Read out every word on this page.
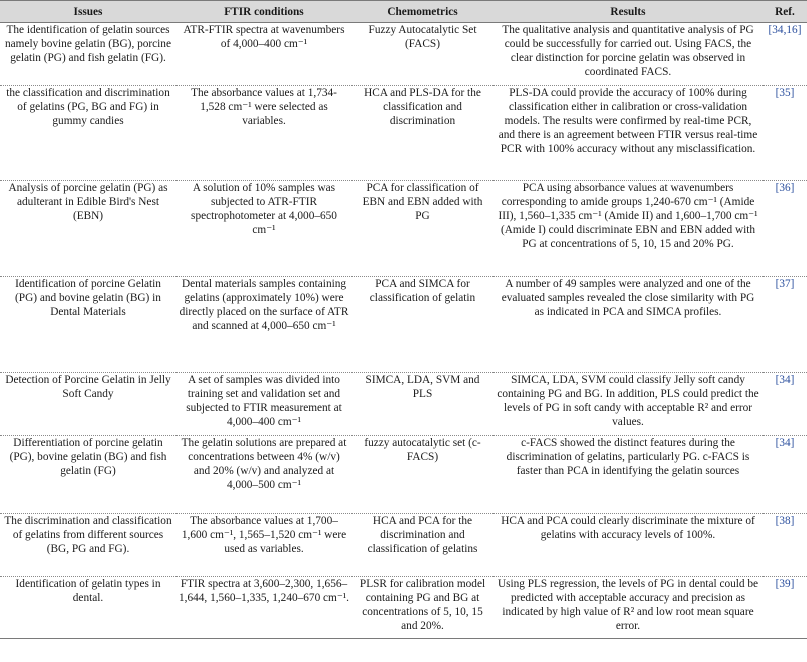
Issues	FTIR conditions	Chemometrics	Results	Ref.
The identification of gelatin sources namely bovine gelatin (BG), porcine gelatin (PG) and fish gelatin (FG).	ATR-FTIR spectra at wavenumbers of 4,000–400 cm⁻¹	Fuzzy Autocatalytic Set (FACS)	The qualitative analysis and quantitative analysis of PG could be successfully for carried out. Using FACS, the clear distinction for porcine gelatin was observed in coordinated FACS.	[34,16]
the classification and discrimination of gelatins (PG, BG and FG) in gummy candies	The absorbance values at 1,734-1,528 cm⁻¹ were selected as variables.	HCA and PLS-DA for the classification and discrimination	PLS-DA could provide the accuracy of 100% during classification either in calibration or cross-validation models. The results were confirmed by real-time PCR, and there is an agreement between FTIR versus real-time PCR with 100% accuracy without any misclassification.	[35]
Analysis of porcine gelatin (PG) as adulterant in Edible Bird's Nest (EBN)	A solution of 10% samples was subjected to ATR-FTIR spectrophotometer at 4,000–650 cm⁻¹	PCA for classification of EBN and EBN added with PG	PCA using absorbance values at wavenumbers corresponding to amide groups 1,240-670 cm⁻¹ (Amide III), 1,560–1,335 cm⁻¹ (Amide II) and 1,600–1,700 cm⁻¹ (Amide I) could discriminate EBN and EBN added with PG at concentrations of 5, 10, 15 and 20% PG.	[36]
Identification of porcine Gelatin (PG) and bovine gelatin (BG) in Dental Materials	Dental materials samples containing gelatins (approximately 10%) were directly placed on the surface of ATR and scanned at 4,000–650 cm⁻¹	PCA and SIMCA for classification of gelatin	A number of 49 samples were analyzed and one of the evaluated samples revealed the close similarity with PG as indicated in PCA and SIMCA profiles.	[37]
Detection of Porcine Gelatin in Jelly Soft Candy	A set of samples was divided into training set and validation set and subjected to FTIR measurement at 4,000–400 cm⁻¹	SIMCA, LDA, SVM and PLS	SIMCA, LDA, SVM could classify Jelly soft candy containing PG and BG. In addition, PLS could predict the levels of PG in soft candy with acceptable R² and error values.	[34]
Differentiation of porcine gelatin (PG), bovine gelatin (BG) and fish gelatin (FG)	The gelatin solutions are prepared at concentrations between 4% (w/v) and 20% (w/v) and analyzed at 4,000–500 cm⁻¹	fuzzy autocatalytic set (c-FACS)	c-FACS showed the distinct features during the discrimination of gelatins, particularly PG. c-FACS is faster than PCA in identifying the gelatin sources	[34]
The discrimination and classification of gelatins from different sources (BG, PG and FG).	The absorbance values at 1,700–1,600 cm⁻¹, 1,565–1,520 cm⁻¹ were used as variables.	HCA and PCA for the discrimination and classification of gelatins	HCA and PCA could clearly discriminate the mixture of gelatins with accuracy levels of 100%.	[38]
Identification of gelatin types in dental.	FTIR spectra at 3,600–2,300, 1,656–1,644, 1,560–1,335, 1,240–670 cm⁻¹.	PLSR for calibration model containing PG and BG at concentrations of 5, 10, 15 and 20%.	Using PLS regression, the levels of PG in dental could be predicted with acceptable accuracy and precision as indicated by high value of R² and low root mean square error.	[39]
